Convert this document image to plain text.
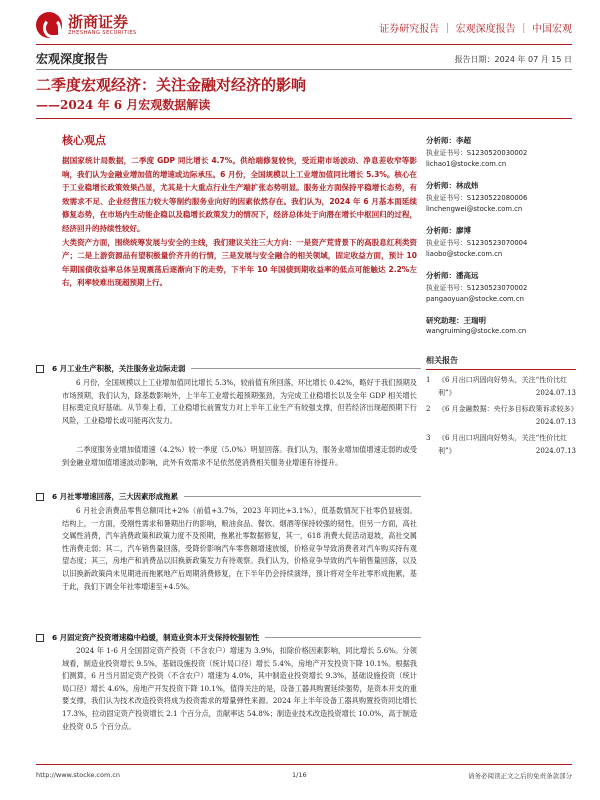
浙商证券
ZHESHANG SECURITIES	证券研究报告 ｜ 宏观深度报告 ｜ 中国宏观
宏观深度报告	报告日期：2024 年 07 月 15 日
二季度宏观经济：关注金融对经济的影响
——2024 年 6 月宏观数据解读
核心观点

据国家统计局数据，二季度 GDP 同比增长 4.7%。供给端修复较快，受近期市场波动、净息差收窄等影响，我们认为金融业增加值的增速或边际承压。6 月份，全国规模以上工业增加值同比增长 5.3%。核心在于工业稳增长政策效果凸显，尤其是十大重点行业生产端扩张态势明显。服务业方面保持平稳增长态势，有效需求不足、企业经营压力较大等制约服务业向好的因素依然存在。我们认为，2024 年 6 月基本面延续修复态势，在市场内生动能企稳以及稳增长政策发力的情况下，经济总体处于向潜在增长中枢回归的过程，经济回升的持续性较好。

大类资产方面，围绕统筹发展与安全的主线，我们建议关注三大方向：一是资产荒背景下的高股息红利类资产；二是上游资源品有望积极量价齐升的行情，三是发展与安全融合的相关领域，固定收益方面，预计 10 年期国债收益率总体呈现震荡后逐渐向下的走势，下半年 10 年国债到期收益率的低点可能触达 2.2%左右，利率较难出现超预期上行。

6 月工业生产积极，关注服务业边际走弱

6 月份，全国规模以上工业增加值同比增长 5.3%，较前值有所回落，环比增长 0.42%，略好于我们预期及市场预期，我们认为，除基数影响外，上半年工业增长超预期强劲，为完成工业稳增长以及全年 GDP 相关增长目标奠定良好基础。从节奏上看，工业稳增长前置发力对上半年工业生产有较强支撑，但若经济出现超预期下行风险，工业稳增长或可能再次发力。

二季度服务业增加值增速（4.2%）较一季度（5.0%）明显回落。我们认为，服务业增加值增速走弱的或受到金融业增加值增速波动影响，此外有效需求不足依然使消费相关服务业增速有待提升。

6 月社零增速回落，三大因素形成拖累

6 月社会消费品零售总额同比+2%（前值+3.7%，2023 年同比+3.1%），低基数情况下社零仍显疲弱。结构上，一方面，受刚性需求和暑期出行的影响，粮油食品、餐饮、烟酒等保持较强的韧性，但另一方面，高社交属性消费，汽车消费政策和政策力度不及预期，拖累社零数据修复，其一，618 消费大促活动退坡，高社交属性消费走弱；其二，汽车销售量回落，受降价影响汽车零售额增速放缓，价格竞争导致消费者对汽车购买持有观望态度；其三，房地产和消费品以旧换新政策发力有待观察。我们认为，价格竞争导致的汽车销售量回落，以及以旧换新政策尚未见期进而拖累地产后周期消费修复，在下半年仍会持续演绎，预计将对全年社零形成拖累，基于此，我们下调全年社零增速至+4.5%。

6 月固定资产投资增速稳中趋缓，制造业资本开支保持较强韧性

2024 年 1-6 月全国固定资产投资（不含农户）增速为 3.9%，扣除价格因素影响，同比增长 5.6%。分领域看，制造业投资增长 9.5%，基础设施投资（统计局口径）增长 5.4%，房地产开发投资下降 10.1%。根据我们测算，6 月当月固定资产投资（不含农户）增速为 4.0%，其中制造业投资增长 9.3%，基础设施投资（统计局口径）增长 4.6%，房地产开发投资下降 10.1%，值得关注的是，设备工器具购置延续强势，是资本开支的重要支撑，我们认为技术改造投资将成为投资需求的增量弹性来源。2024 年上半年设备工器具购置投资同比增长 17.3%，拉动固定资产投资增长 2.1 个百分点，贡献率达 54.8%；制造业技术改造投资增长 10.0%，高于制造业投资 0.5 个百分点。

分析师：李超
执业证书号：S1230520030002
lichao1@stocke.com.cn
分析师：林成炜
执业证书号：S1230522080006
linchengwei@stocke.com.cn
分析师：廖博
执业证书号：S1230523070004
liaobo@stocke.com.cn
分析师：潘高远
执业证书号：S1230523070002
pangaoyuan@stocke.com.cn
研究助理：王瑞明
wangruiming@stocke.com.cn
相关报告
1	《6 月出口巩固向好势头，关注“性价比红利”》	2024.07.13
2	《6 月金融数据：央行多目标政策诉求较多》
2024.07.13
3	《6 月出口巩固向好势头，关注“性价比红利”》	2024.07.13
http://www.stocke.com.cn	1/16	请务必阅读正文之后的免责条款部分
